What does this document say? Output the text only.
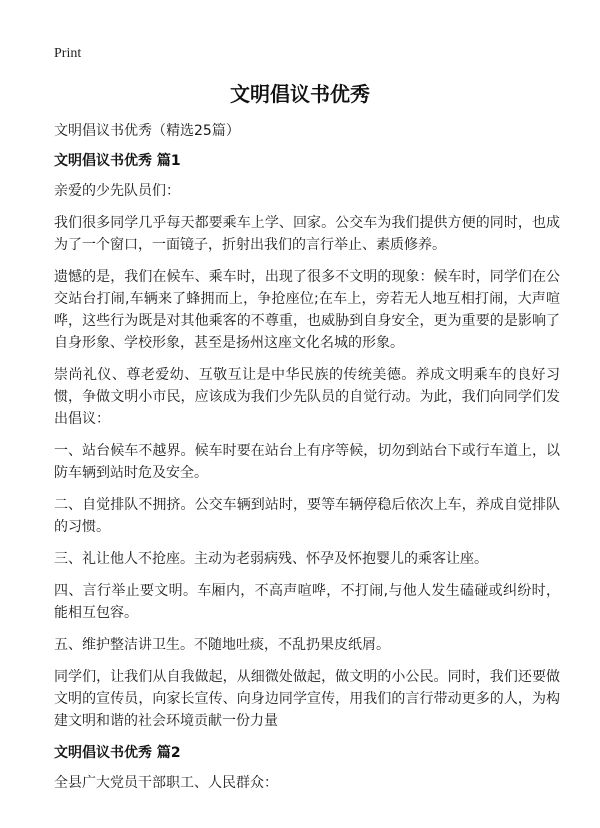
Print
文明倡议书优秀
文明倡议书优秀（精选25篇）
文明倡议书优秀 篇1

亲爱的少先队员们：

我们很多同学几乎每天都要乘车上学、回家。公交车为我们提供方便的同时，也成为了一个窗口，一面镜子，折射出我们的言行举止、素质修养。

遗憾的是，我们在候车、乘车时，出现了很多不文明的现象：候车时，同学们在公交站台打闹,车辆来了蜂拥而上，争抢座位;在车上，旁若无人地互相打闹，大声喧哗，这些行为既是对其他乘客的不尊重，也威胁到自身安全，更为重要的是影响了自身形象、学校形象，甚至是扬州这座文化名城的形象。

崇尚礼仪、尊老爱幼、互敬互让是中华民族的传统美德。养成文明乘车的良好习惯，争做文明小市民，应该成为我们少先队员的自觉行动。为此，我们向同学们发出倡议：

一、站台候车不越界。候车时要在站台上有序等候，切勿到站台下或行车道上，以防车辆到站时危及安全。

二、自觉排队不拥挤。公交车辆到站时，要等车辆停稳后依次上车，养成自觉排队的习惯。

三、礼让他人不抢座。主动为老弱病残、怀孕及怀抱婴儿的乘客让座。

四、言行举止要文明。车厢内，不高声喧哗，不打闹,与他人发生磕碰或纠纷时，能相互包容。

五、维护整洁讲卫生。不随地吐痰，不乱扔果皮纸屑。

同学们，让我们从自我做起，从细微处做起，做文明的小公民。同时，我们还要做文明的宣传员，向家长宣传、向身边同学宣传，用我们的言行带动更多的人，为构建文明和谐的社会环境贡献一份力量

文明倡议书优秀 篇2

全县广大党员干部职工、人民群众：
